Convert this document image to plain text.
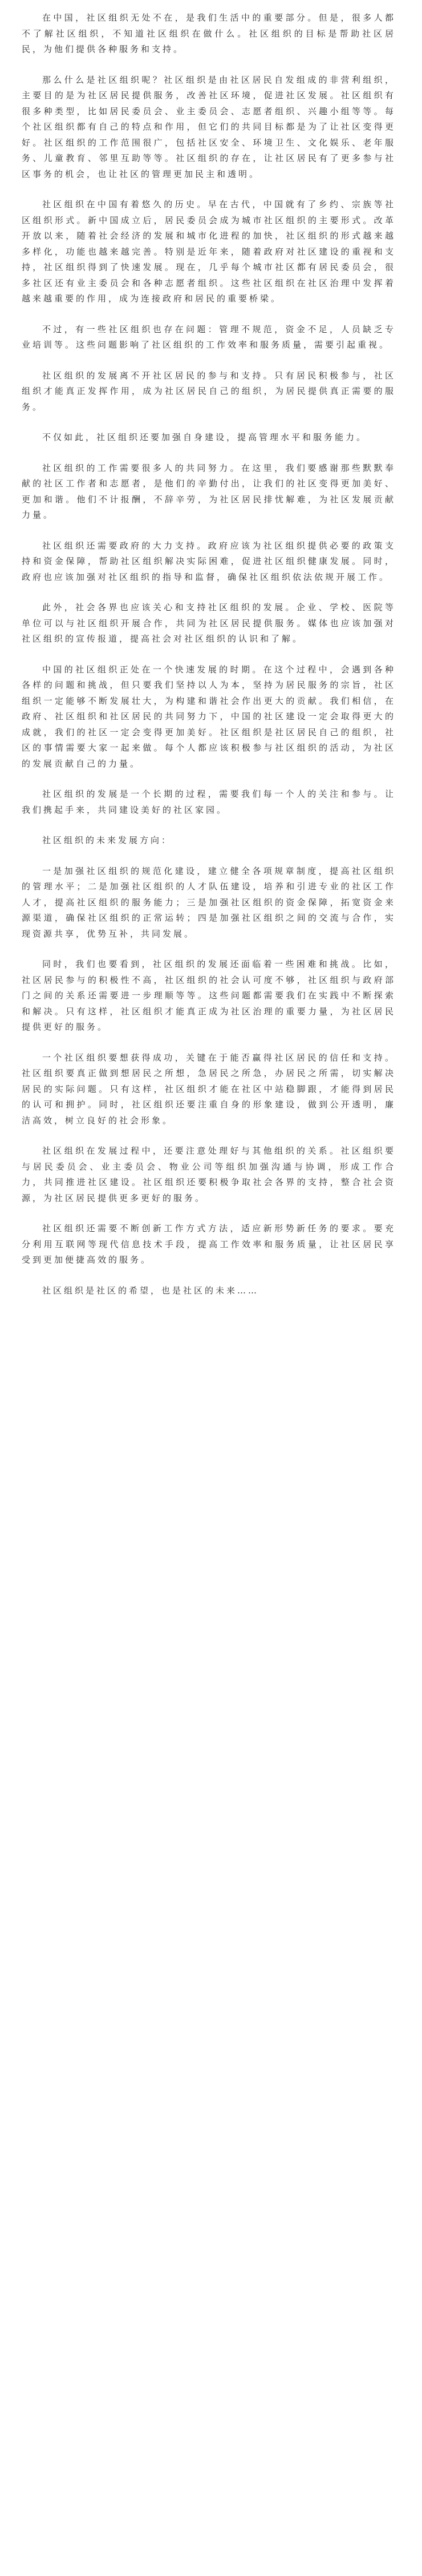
在中国，社区组织无处不在，是我们生活中的重要部分。但是，很多人都不了解社区组织，不知道社区组织在做什么。社区组织的目标是帮助社区居民，为他们提供各种服务和支持。

那么什么是社区组织呢？社区组织是由社区居民自发组成的非营利组织，主要目的是为社区居民提供服务，改善社区环境，促进社区发展。社区组织有很多种类型，比如居民委员会、业主委员会、志愿者组织、兴趣小组等等。每个社区组织都有自己的特点和作用，但它们的共同目标都是为了让社区变得更好。社区组织的工作范围很广，包括社区安全、环境卫生、文化娱乐、老年服务、儿童教育、邻里互助等等。社区组织的存在，让社区居民有了更多参与社区事务的机会，也让社区的管理更加民主和透明。

社区组织在中国有着悠久的历史。早在古代，中国就有了乡约、宗族等社区组织形式。新中国成立后，居民委员会成为城市社区组织的主要形式。改革开放以来，随着社会经济的发展和城市化进程的加快，社区组织的形式越来越多样化，功能也越来越完善。特别是近年来，随着政府对社区建设的重视和支持，社区组织得到了快速发展。现在，几乎每个城市社区都有居民委员会，很多社区还有业主委员会和各种志愿者组织。这些社区组织在社区治理中发挥着越来越重要的作用，成为连接政府和居民的重要桥梁。

不过，有一些社区组织也存在问题：管理不规范，资金不足，人员缺乏专业培训等。这些问题影响了社区组织的工作效率和服务质量，需要引起重视。

社区组织的发展离不开社区居民的参与和支持。只有居民积极参与，社区组织才能真正发挥作用，成为社区居民自己的组织，为居民提供真正需要的服务。

不仅如此，社区组织还要加强自身建设，提高管理水平和服务能力。

社区组织的工作需要很多人的共同努力。在这里，我们要感谢那些默默奉献的社区工作者和志愿者，是他们的辛勤付出，让我们的社区变得更加美好、更加和谐。他们不计报酬，不辞辛劳，为社区居民排忧解难，为社区发展贡献力量。

社区组织还需要政府的大力支持。政府应该为社区组织提供必要的政策支持和资金保障，帮助社区组织解决实际困难，促进社区组织健康发展。同时，政府也应该加强对社区组织的指导和监督，确保社区组织依法依规开展工作。

此外，社会各界也应该关心和支持社区组织的发展。企业、学校、医院等单位可以与社区组织开展合作，共同为社区居民提供服务。媒体也应该加强对社区组织的宣传报道，提高社会对社区组织的认识和了解。

中国的社区组织正处在一个快速发展的时期。在这个过程中，会遇到各种各样的问题和挑战，但只要我们坚持以人为本，坚持为居民服务的宗旨，社区组织一定能够不断发展壮大，为构建和谐社会作出更大的贡献。我们相信，在政府、社区组织和社区居民的共同努力下，中国的社区建设一定会取得更大的成就，我们的社区一定会变得更加美好。社区组织是社区居民自己的组织，社区的事情需要大家一起来做。每个人都应该积极参与社区组织的活动，为社区的发展贡献自己的力量。

社区组织的发展是一个长期的过程，需要我们每一个人的关注和参与。让我们携起手来，共同建设美好的社区家园。

社区组织的未来发展方向：

一是加强社区组织的规范化建设，建立健全各项规章制度，提高社区组织的管理水平；二是加强社区组织的人才队伍建设，培养和引进专业的社区工作人才，提高社区组织的服务能力；三是加强社区组织的资金保障，拓宽资金来源渠道，确保社区组织的正常运转；四是加强社区组织之间的交流与合作，实现资源共享，优势互补，共同发展。

同时，我们也要看到，社区组织的发展还面临着一些困难和挑战。比如，社区居民参与的积极性不高，社区组织的社会认可度不够，社区组织与政府部门之间的关系还需要进一步理顺等等。这些问题都需要我们在实践中不断探索和解决。只有这样，社区组织才能真正成为社区治理的重要力量，为社区居民提供更好的服务。

一个社区组织要想获得成功，关键在于能否赢得社区居民的信任和支持。社区组织要真正做到想居民之所想，急居民之所急，办居民之所需，切实解决居民的实际问题。只有这样，社区组织才能在社区中站稳脚跟，才能得到居民的认可和拥护。同时，社区组织还要注重自身的形象建设，做到公开透明，廉洁高效，树立良好的社会形象。

社区组织在发展过程中，还要注意处理好与其他组织的关系。社区组织要与居民委员会、业主委员会、物业公司等组织加强沟通与协调，形成工作合力，共同推进社区建设。社区组织还要积极争取社会各界的支持，整合社会资源，为社区居民提供更多更好的服务。

社区组织还需要不断创新工作方式方法，适应新形势新任务的要求。要充分利用互联网等现代信息技术手段，提高工作效率和服务质量，让社区居民享受到更加便捷高效的服务。

社区组织是社区的希望，也是社区的未来……
